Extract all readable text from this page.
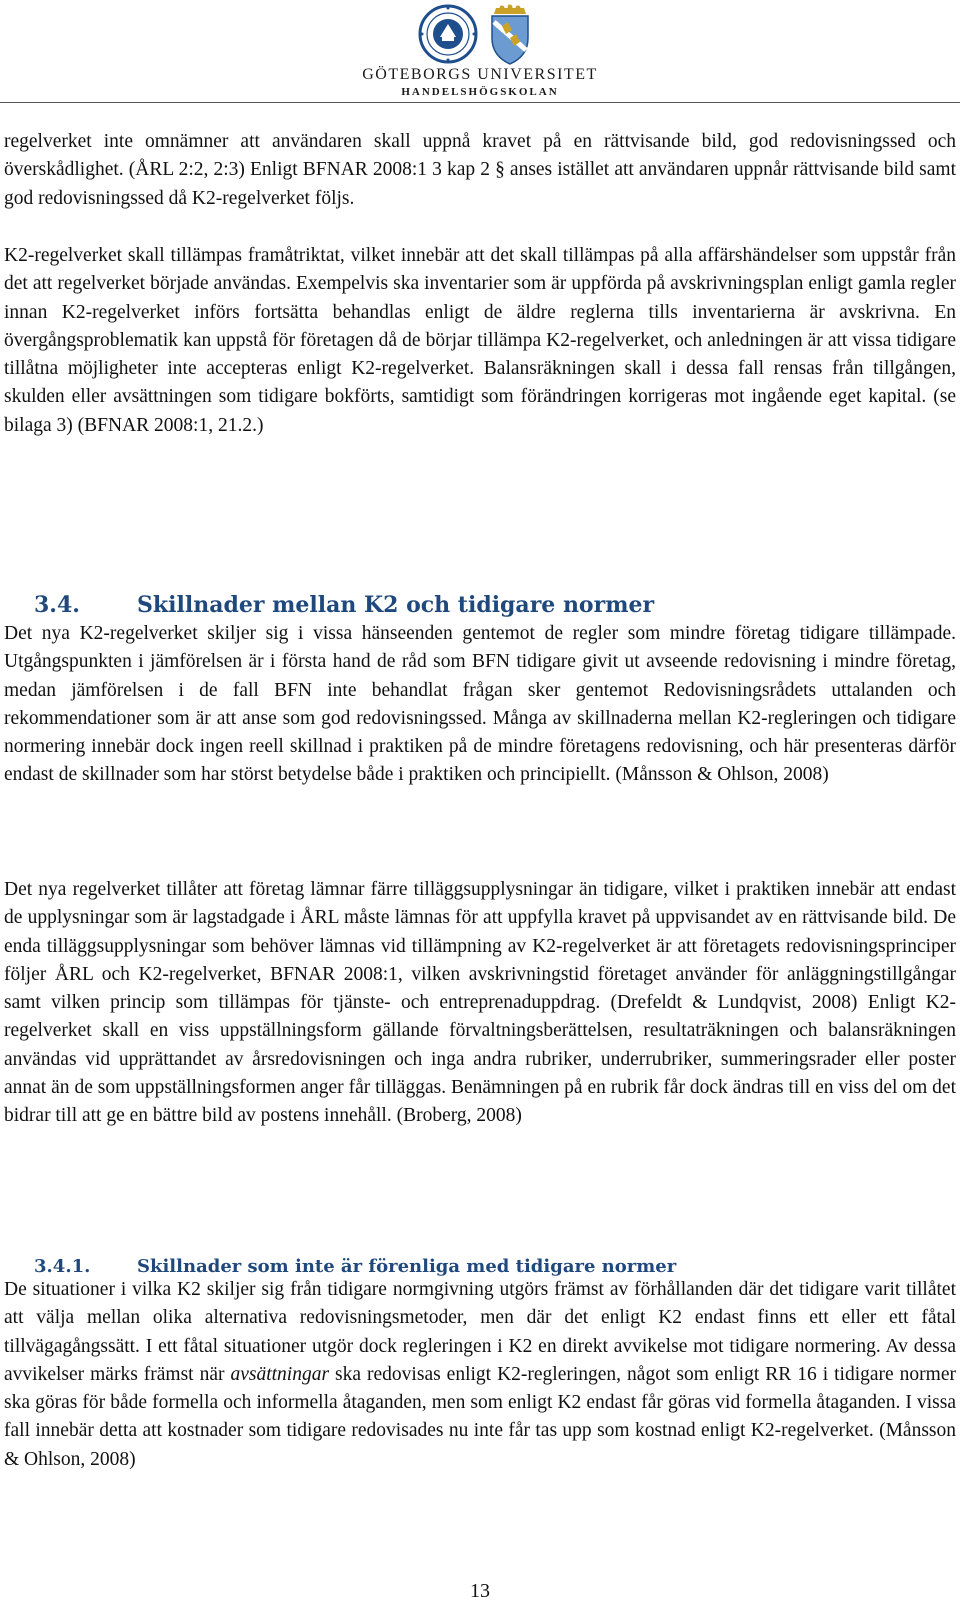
GÖTEBORGS UNIVERSITET
HANDELSHÖGSKOLAN

regelverket inte omnämner att användaren skall uppnå kravet på en rättvisande bild, god redovisningssed och överskådlighet. (ÅRL 2:2, 2:3) Enligt BFNAR 2008:1 3 kap 2 § anses istället att användaren uppnår rättvisande bild samt god redovisningssed då K2-regelverket följs.

K2-regelverket skall tillämpas framåtriktat, vilket innebär att det skall tillämpas på alla affärshändelser som uppstår från det att regelverket började användas. Exempelvis ska inventarier som är uppförda på avskrivningsplan enligt gamla regler innan K2-regelverket införs fortsätta behandlas enligt de äldre reglerna tills inventarierna är avskrivna. En övergångsproblematik kan uppstå för företagen då de börjar tillämpa K2-regelverket, och anledningen är att vissa tidigare tillåtna möjligheter inte accepteras enligt K2-regelverket. Balansräkningen skall i dessa fall rensas från tillgången, skulden eller avsättningen som tidigare bokförts, samtidigt som förändringen korrigeras mot ingående eget kapital. (se bilaga 3) (BFNAR 2008:1, 21.2.)

3.4.	Skillnader mellan K2 och tidigare normer

Det nya K2-regelverket skiljer sig i vissa hänseenden gentemot de regler som mindre företag tidigare tillämpade. Utgångspunkten i jämförelsen är i första hand de råd som BFN tidigare givit ut avseende redovisning i mindre företag, medan jämförelsen i de fall BFN inte behandlat frågan sker gentemot Redovisningsrådets uttalanden och rekommendationer som är att anse som god redovisningssed. Många av skillnaderna mellan K2-regleringen och tidigare normering innebär dock ingen reell skillnad i praktiken på de mindre företagens redovisning, och här presenteras därför endast de skillnader som har störst betydelse både i praktiken och principiellt. (Månsson & Ohlson, 2008)

Det nya regelverket tillåter att företag lämnar färre tilläggsupplysningar än tidigare, vilket i praktiken innebär att endast de upplysningar som är lagstadgade i ÅRL måste lämnas för att uppfylla kravet på uppvisandet av en rättvisande bild. De enda tilläggsupplysningar som behöver lämnas vid tillämpning av K2-regelverket är att företagets redovisningsprinciper följer ÅRL och K2-regelverket, BFNAR 2008:1, vilken avskrivningstid företaget använder för anläggningstillgångar samt vilken princip som tillämpas för tjänste- och entreprenaduppdrag. (Drefeldt & Lundqvist, 2008) Enligt K2-regelverket skall en viss uppställningsform gällande förvaltningsberättelsen, resultaträkningen och balansräkningen användas vid upprättandet av årsredovisningen och inga andra rubriker, underrubriker, summeringsrader eller poster annat än de som uppställningsformen anger får tilläggas. Benämningen på en rubrik får dock ändras till en viss del om det bidrar till att ge en bättre bild av postens innehåll. (Broberg, 2008)

3.4.1.	Skillnader som inte är förenliga med tidigare normer

De situationer i vilka K2 skiljer sig från tidigare normgivning utgörs främst av förhållanden där det tidigare varit tillåtet att välja mellan olika alternativa redovisningsmetoder, men där det enligt K2 endast finns ett eller ett fåtal tillvägagångssätt. I ett fåtal situationer utgör dock regleringen i K2 en direkt avvikelse mot tidigare normering. Av dessa avvikelser märks främst när avsättningar ska redovisas enligt K2-regleringen, något som enligt RR 16 i tidigare normer ska göras för både formella och informella åtaganden, men som enligt K2 endast får göras vid formella åtaganden. I vissa fall innebär detta att kostnader som tidigare redovisades nu inte får tas upp som kostnad enligt K2-regelverket. (Månsson & Ohlson, 2008)

13
